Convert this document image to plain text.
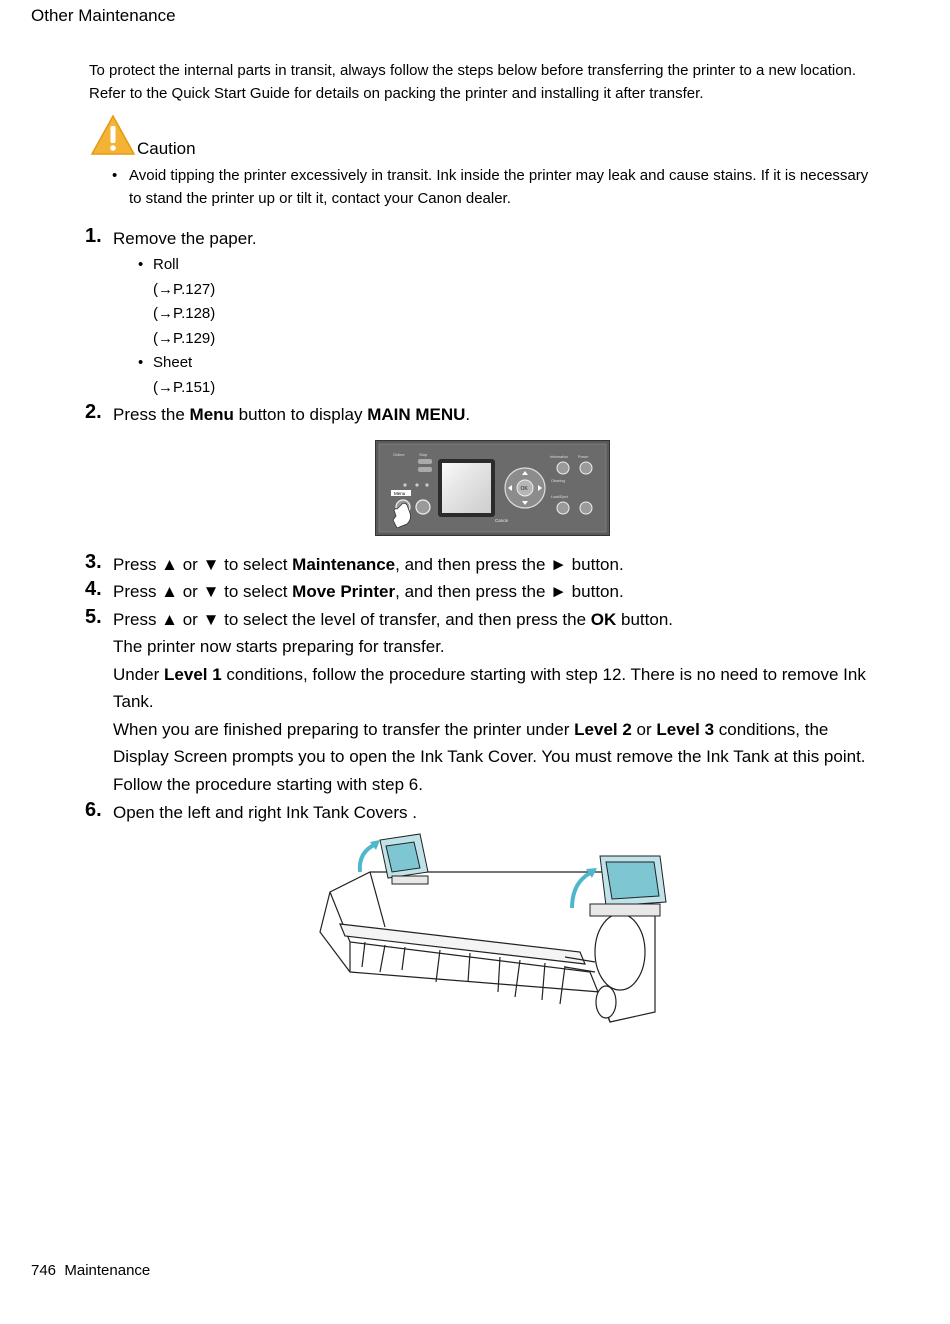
Other Maintenance
To protect the internal parts in transit, always follow the steps below before transferring the printer to a new location. Refer to the Quick Start Guide for details on packing the printer and installing it after transfer.
Caution
• Avoid tipping the printer excessively in transit. Ink inside the printer may leak and cause stains. If it is necessary to stand the printer up or tilt it, contact your Canon dealer.
1. Remove the paper.
• Roll
(→P.127)
(→P.128)
(→P.129)
• Sheet
(→P.151)
2. Press the Menu button to display MAIN MENU.
Online	Stop
Menu
Canon
OK
Information	Power
Cleaning
Load/Eject
3. Press ▲ or ▼ to select Maintenance, and then press the ► button.
4. Press ▲ or ▼ to select Move Printer, and then press the ► button.
5. Press ▲ or ▼ to select the level of transfer, and then press the OK button.
The printer now starts preparing for transfer.
Under Level 1 conditions, follow the procedure starting with step 12. There is no need to remove Ink Tank.
When you are finished preparing to transfer the printer under Level 2 or Level 3 conditions, the Display Screen prompts you to open the Ink Tank Cover. You must remove the Ink Tank at this point. Follow the procedure starting with step 6.
6. Open the left and right Ink Tank Covers .
746 Maintenance
